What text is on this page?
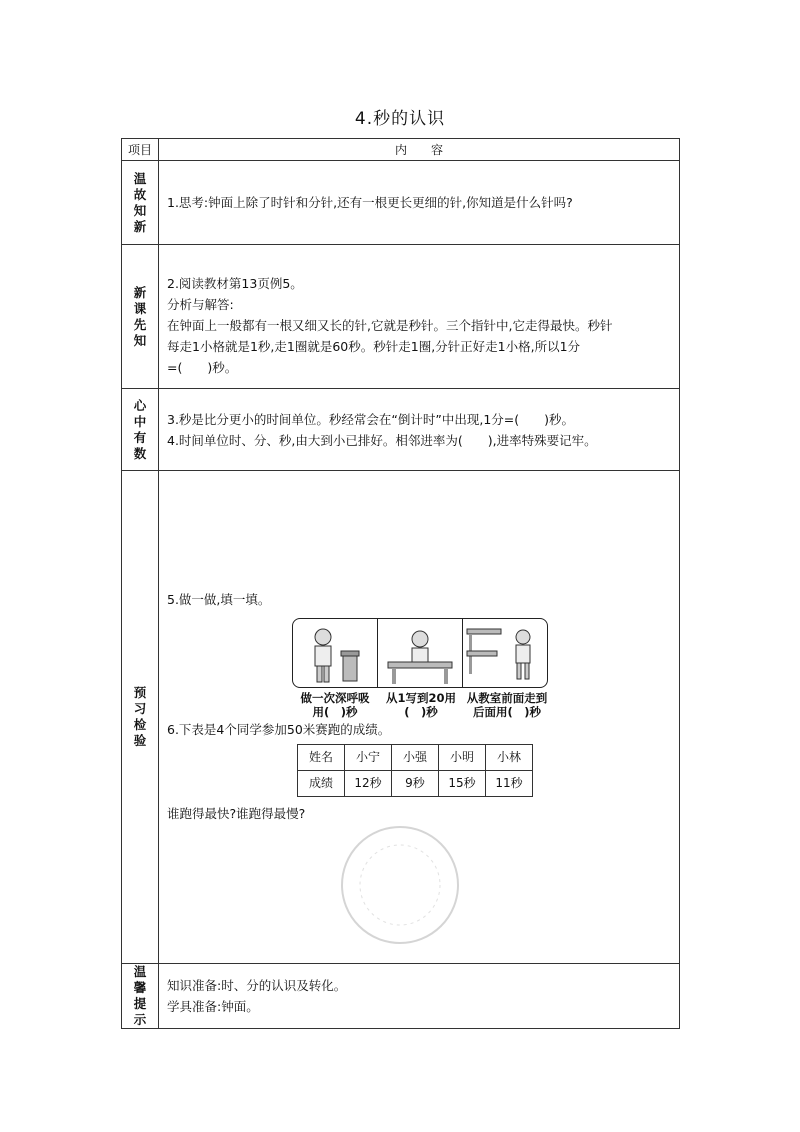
4.秒的认识
项目	内　　容

温故知新

1.思考:钟面上除了时针和分针,还有一根更长更细的针,你知道是什么针吗?

新课先知

2.阅读教材第13页例5。

分析与解答:

在钟面上一般都有一根又细又长的针,它就是秒针。三个指针中,它走得最快。秒针

每走1小格就是1秒,走1圈就是60秒。秒针走1圈,分针正好走1小格,所以1分

=(　　)秒。

心中有数

3.秒是比分更小的时间单位。秒经常会在“倒计时”中出现,1分=(　　)秒。

4.时间单位时、分、秒,由大到小已排好。相邻进率为(　　),进率特殊要记牢。

预习检验

5.做一做,填一填。

做一次深呼吸
用(　)秒
从1写到20用
(　)秒
从教室前面走到
后面用(　)秒

6.下表是4个同学参加50米赛跑的成绩。

姓名	小宁	小强	小明	小林
成绩	12秒	9秒	15秒	11秒

谁跑得最快?谁跑得最慢?

温馨提示

知识准备:时、分的认识及转化。

学具准备:钟面。
